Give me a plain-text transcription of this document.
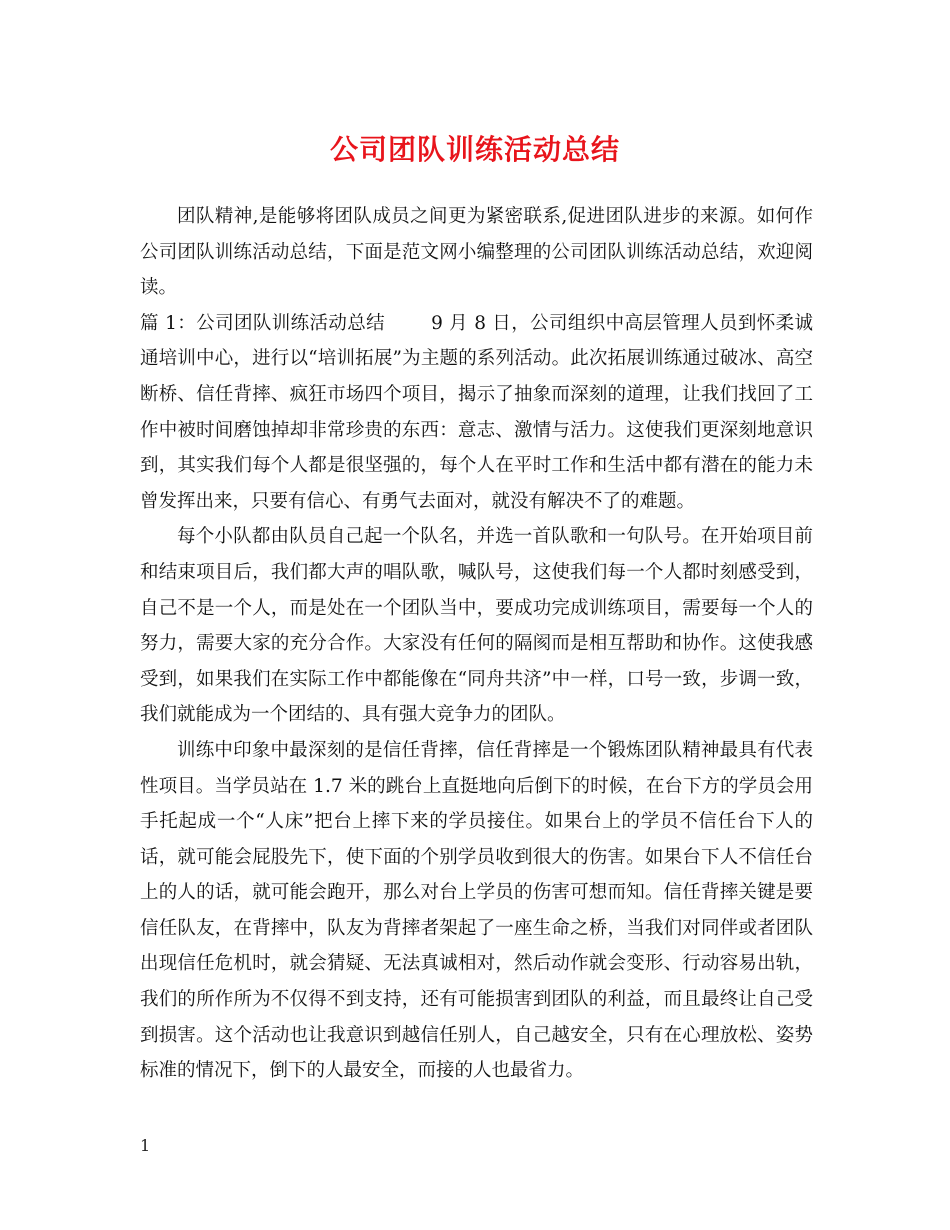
公司团队训练活动总结

团队精神,是能够将团队成员之间更为紧密联系,促进团队进步的来源。如何作公司团队训练活动总结，下面是范文网小编整理的公司团队训练活动总结，欢迎阅读。

篇 1：公司团队训练活动总结 9 月 8 日，公司组织中高层管理人员到怀柔诚通培训中心，进行以“培训拓展”为主题的系列活动。此次拓展训练通过破冰、高空断桥、信任背摔、疯狂市场四个项目，揭示了抽象而深刻的道理，让我们找回了工作中被时间磨蚀掉却非常珍贵的东西：意志、激情与活力。这使我们更深刻地意识到，其实我们每个人都是很坚强的，每个人在平时工作和生活中都有潜在的能力未曾发挥出来，只要有信心、有勇气去面对，就没有解决不了的难题。

每个小队都由队员自己起一个队名，并选一首队歌和一句队号。在开始项目前和结束项目后，我们都大声的唱队歌，喊队号，这使我们每一个人都时刻感受到，自己不是一个人，而是处在一个团队当中，要成功完成训练项目，需要每一个人的努力，需要大家的充分合作。大家没有任何的隔阂而是相互帮助和协作。这使我感受到，如果我们在实际工作中都能像在“同舟共济”中一样，口号一致，步调一致，我们就能成为一个团结的、具有强大竞争力的团队。

训练中印象中最深刻的是信任背摔，信任背摔是一个锻炼团队精神最具有代表性项目。当学员站在 1.7 米的跳台上直挺地向后倒下的时候，在台下方的学员会用手托起成一个“人床”把台上摔下来的学员接住。如果台上的学员不信任台下人的话，就可能会屁股先下，使下面的个别学员收到很大的伤害。如果台下人不信任台上的人的话，就可能会跑开，那么对台上学员的伤害可想而知。信任背摔关键是要信任队友，在背摔中，队友为背摔者架起了一座生命之桥，当我们对同伴或者团队出现信任危机时，就会猜疑、无法真诚相对，然后动作就会变形、行动容易出轨，我们的所作所为不仅得不到支持，还有可能损害到团队的利益，而且最终让自己受到损害。这个活动也让我意识到越信任别人，自己越安全，只有在心理放松、姿势标准的情况下，倒下的人最安全，而接的人也最省力。

1
